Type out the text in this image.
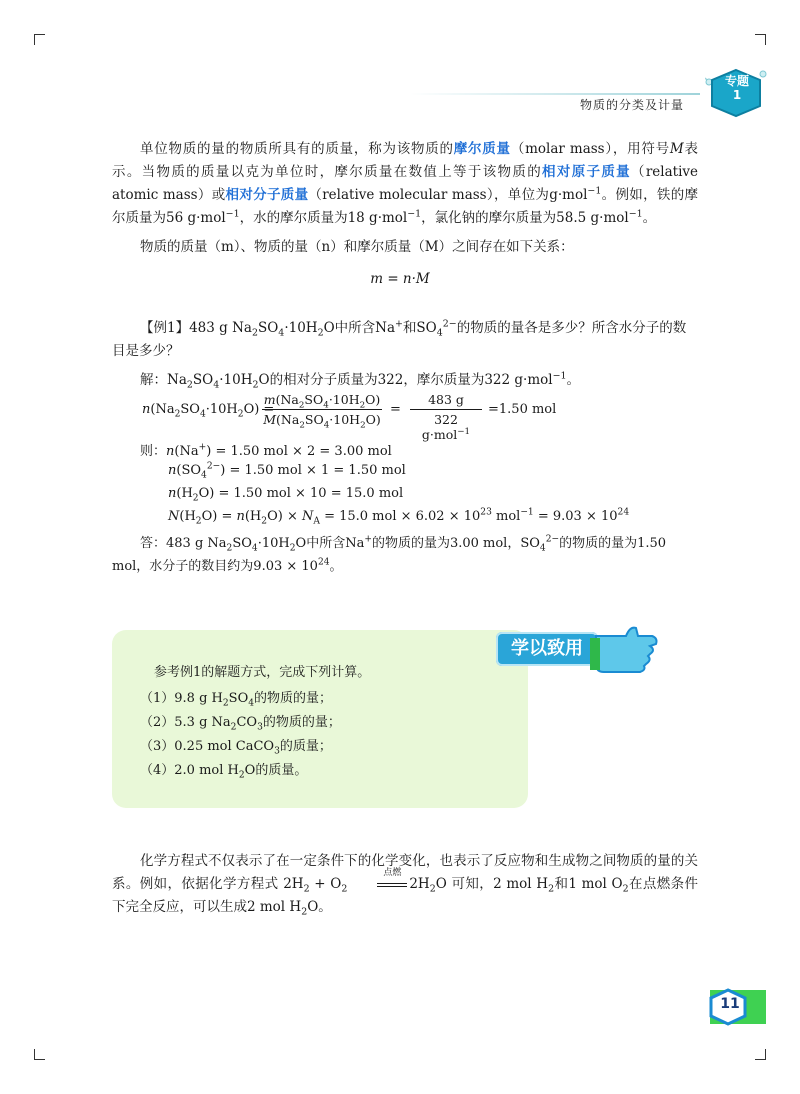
物质的分类及计量
专题
1
单位物质的量的物质所具有的质量，称为该物质的摩尔质量（molar mass），用符号M表示。当物质的质量以克为单位时，摩尔质量在数值上等于该物质的相对原子质量（relative atomic mass）或相对分子质量（relative molecular mass），单位为g·mol$^{-1}$。例如，铁的摩尔质量为56 g·mol$^{-1}$，水的摩尔质量为18 g·mol$^{-1}$，氯化钠的摩尔质量为58.5 g·mol$^{-1}$。
物质的质量（m）、物质的量（n）和摩尔质量（M）之间存在如下关系：
m = n·M
【例1】483 g $Na_2SO_4\cdot 10H_2O$中所含Na+和$SO_4^{2-}$的物质的量各是多少？所含水分子的数目是多少？
解：$Na_2SO_4\cdot 10H_2O$的相对分子质量为322，摩尔质量为322 g·mol$^{-1}$。
$n(Na_2SO_4\cdot 10H_2O)$ =
$\frac{m(Na_2SO_4\cdot 10H_2O)}{M(Na_2SO_4\cdot 10H_2O)}$ =
483 g
322 g·mol$^{-1}$
=1.50 mol
则：n(Na+) = 1.50 mol × 2 = 3.00 mol
$n(SO_4^{2-}) = 1.50$ mol × 1 = 1.50 mol
$n(H_2O) = 1.50$ mol × 10 = 15.0 mol
$N(H_2O) = n(H_2O) \times N_A = 15.0$ mol × $6.02 \times 10^{23}$ $mol^{-1} = 9.03 \times 10^{24}$
答：483 g $Na_2SO_4\cdot 10H_2O$中所含Na+的物质的量为3.00 mol，$SO_4^{2-}$的物质的量为1.50 mol，水分子的数目约为$9.03 \times 10^{24}$。
学以致用
参考例1的解题方式，完成下列计算。
（1）9.8 g $H_2SO_4$的物质的量；
（2）5.3 g $Na_2CO_3$的物质的量；
（3）0.25 mol CaCO$_3$的质量；
（4）2.0 mol $H_2O$的质量。
化学方程式不仅表示了在一定条件下的化学变化，也表示了反应物和生成物之间物质的量的关系。例如，依据化学方程式 $2H_2 + O_2$
点燃
$2H_2O$ 可知，2 mol $H_2$和1 mol $O_2$在点燃条件下完全反应，可以生成2 mol $H_2O$。
11
